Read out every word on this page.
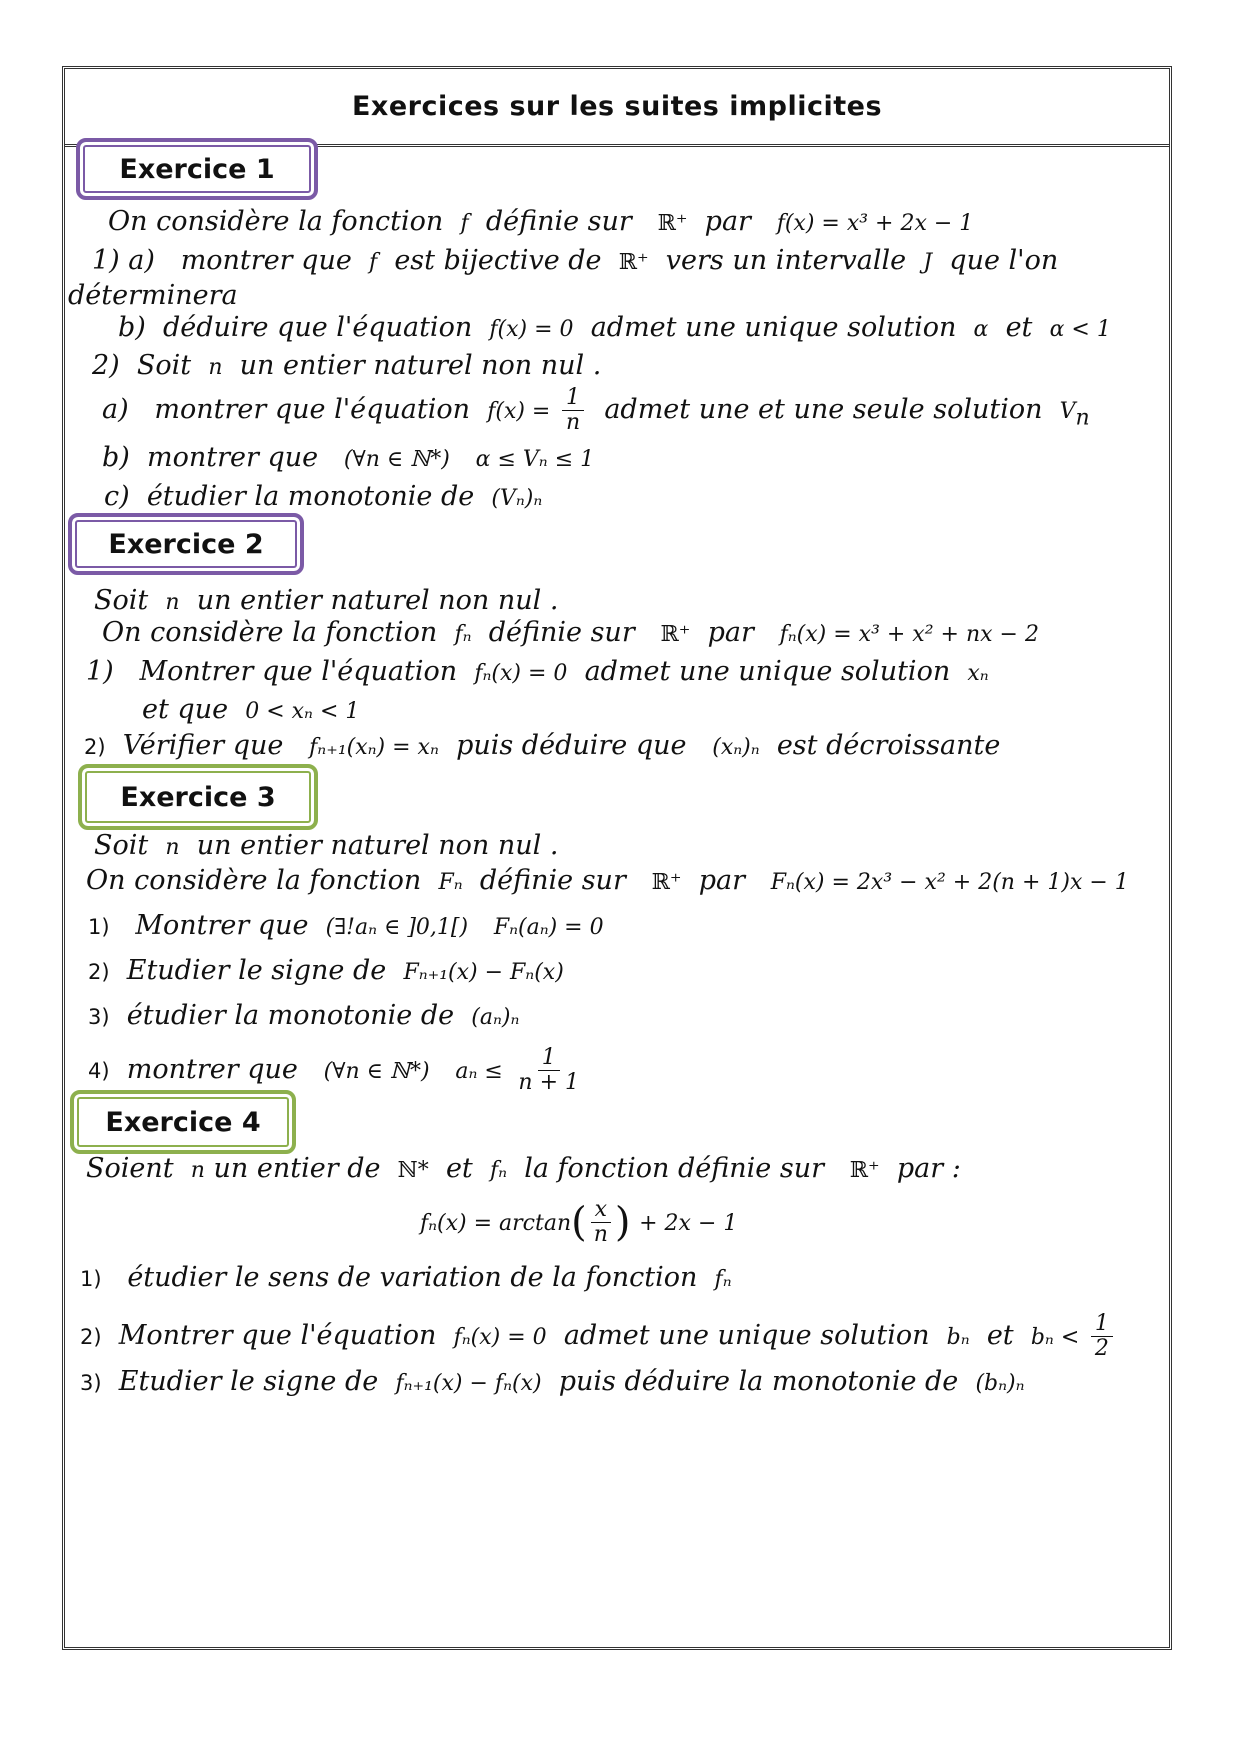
Exercices sur les suites implicites
Exercice 1
On considère la fonction f définie sur ℝ⁺ par f(x) = x³ + 2x − 1
1) a) montrer que f est bijective de ℝ⁺ vers un intervalle J que l'on
déterminera
b) déduire que l'équation f(x) = 0 admet une unique solution α et α < 1
2) Soit n un entier naturel non nul .
a) montrer que l'équation $f(x) = \frac{1}{n}$ admet une et une seule solution $V_n$
b) montrer que (∀n ∈ ℕ*) α ≤ Vₙ ≤ 1
c) étudier la monotonie de (Vₙ)ₙ
Exercice 2
Soit n un entier naturel non nul .
On considère la fonction fₙ définie sur ℝ⁺ par fₙ(x) = x³ + x² + nx − 2
1) Montrer que l'équation fₙ(x) = 0 admet une unique solution xₙ
et que 0 < xₙ < 1
2) Vérifier que fₙ₊₁(xₙ) = xₙ puis déduire que (xₙ)ₙ est décroissante
Exercice 3
Soit n un entier naturel non nul .
On considère la fonction Fₙ définie sur ℝ⁺ par Fₙ(x) = 2x³ − x² + 2(n + 1)x − 1
1) Montrer que (∃!aₙ ∈ ]0,1[) Fₙ(aₙ) = 0
2) Etudier le signe de Fₙ₊₁(x) − Fₙ(x)
3) étudier la monotonie de (aₙ)ₙ
4) montrer que (∀n ∈ ℕ*) $a_n \le \frac{1}{n + 1}$
Exercice 4
Soient n un entier de ℕ* et fₙ la fonction définie sur ℝ⁺ par :
$f_n(x) = \arctan( \frac{x}{n}$ ) + 2x − 1
1) étudier le sens de variation de la fonction fₙ
2) Montrer que l'équation fₙ(x) = 0 admet une unique solution bₙ et $b_n < \frac{1}{2}$
3) Etudier le signe de fₙ₊₁(x) − fₙ(x) puis déduire la monotonie de (bₙ)ₙ
